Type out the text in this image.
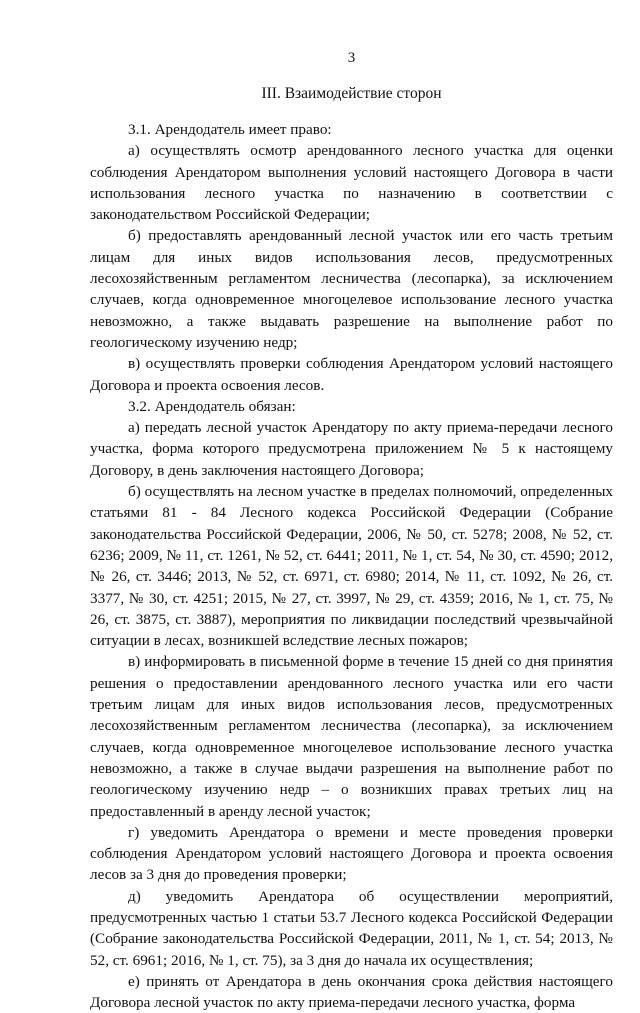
3
III. Взаимодействие сторон

3.1. Арендодатель имеет право:

а) осуществлять осмотр арендованного лесного участка для оценки соблюдения Арендатором выполнения условий настоящего Договора в части использования лесного участка по назначению в соответствии с законодательством Российской Федерации;

б) предоставлять арендованный лесной участок или его часть третьим лицам для иных видов использования лесов, предусмотренных лесохозяйственным регламентом лесничества (лесопарка), за исключением случаев, когда одновременное многоцелевое использование лесного участка невозможно, а также выдавать разрешение на выполнение работ по геологическому изучению недр;

в) осуществлять проверки соблюдения Арендатором условий настоящего Договора и проекта освоения лесов.

3.2. Арендодатель обязан:

а) передать лесной участок Арендатору по акту приема-передачи лесного участка, форма которого предусмотрена приложением № 5 к настоящему Договору, в день заключения настоящего Договора;

б) осуществлять на лесном участке в пределах полномочий, определенных статьями 81 - 84 Лесного кодекса Российской Федерации (Собрание законодательства Российской Федерации, 2006, № 50, ст. 5278; 2008, № 52, ст. 6236; 2009, № 11, ст. 1261, № 52, ст. 6441; 2011, № 1, ст. 54, № 30, ст. 4590; 2012, № 26, ст. 3446; 2013, № 52, ст. 6971, ст. 6980; 2014, № 11, ст. 1092, № 26, ст. 3377, № 30, ст. 4251; 2015, № 27, ст. 3997, № 29, ст. 4359; 2016, № 1, ст. 75, № 26, ст. 3875, ст. 3887), мероприятия по ликвидации последствий чрезвычайной ситуации в лесах, возникшей вследствие лесных пожаров;

в) информировать в письменной форме в течение 15 дней со дня принятия решения о предоставлении арендованного лесного участка или его части третьим лицам для иных видов использования лесов, предусмотренных лесохозяйственным регламентом лесничества (лесопарка), за исключением случаев, когда одновременное многоцелевое использование лесного участка невозможно, а также в случае выдачи разрешения на выполнение работ по геологическому изучению недр – о возникших правах третьих лиц на предоставленный в аренду лесной участок;

г) уведомить Арендатора о времени и месте проведения проверки соблюдения Арендатором условий настоящего Договора и проекта освоения лесов за 3 дня до проведения проверки;

д) уведомить Арендатора об осуществлении мероприятий, предусмотренных частью 1 статьи 53.7 Лесного кодекса Российской Федерации (Собрание законодательства Российской Федерации, 2011, № 1, ст. 54; 2013, № 52, ст. 6961; 2016, № 1, ст. 75), за 3 дня до начала их осуществления;

е) принять от Арендатора в день окончания срока действия настоящего Договора лесной участок по акту приема-передачи лесного участка, форма
